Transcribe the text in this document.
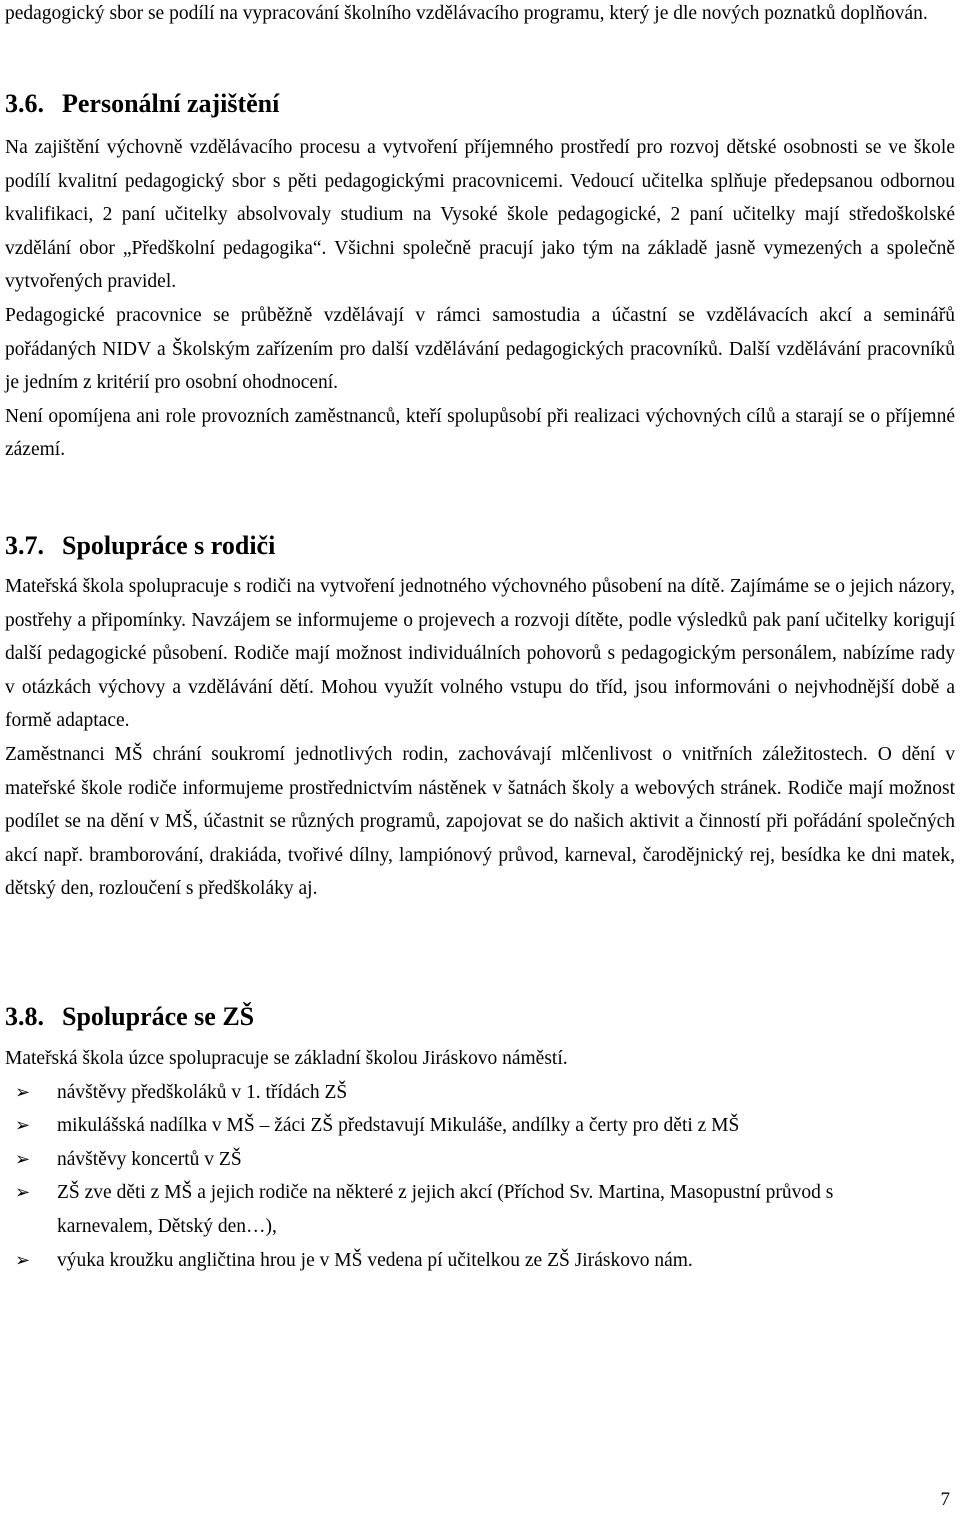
pedagogický sbor se podílí na vypracování školního vzdělávacího programu, který je dle nových poznatků doplňován.

3.6. Personální zajištění

Na zajištění výchovně vzdělávacího procesu a vytvoření příjemného prostředí pro rozvoj dětské osobnosti se ve škole podílí kvalitní pedagogický sbor s pěti pedagogickými pracovnicemi. Vedoucí učitelka splňuje předepsanou odbornou kvalifikaci, 2 paní učitelky absolvovaly studium na Vysoké škole pedagogické, 2 paní učitelky mají středoškolské vzdělání obor „Předškolní pedagogika“. Všichni společně pracují jako tým na základě jasně vymezených a společně vytvořených pravidel.

Pedagogické pracovnice se průběžně vzdělávají v rámci samostudia a účastní se vzdělávacích akcí a seminářů pořádaných NIDV a Školským zařízením pro další vzdělávání pedagogických pracovníků. Další vzdělávání pracovníků je jedním z kritérií pro osobní ohodnocení.

Není opomíjena ani role provozních zaměstnanců, kteří spolupůsobí při realizaci výchovných cílů a starají se o příjemné zázemí.

3.7. Spolupráce s rodiči

Mateřská škola spolupracuje s rodiči na vytvoření jednotného výchovného působení na dítě. Zajímáme se o jejich názory, postřehy a připomínky. Navzájem se informujeme o projevech a rozvoji dítěte, podle výsledků pak paní učitelky korigují další pedagogické působení. Rodiče mají možnost individuálních pohovorů s pedagogickým personálem, nabízíme rady v otázkách výchovy a vzdělávání dětí. Mohou využít volného vstupu do tříd, jsou informováni o nejvhodnější době a formě adaptace.

Zaměstnanci MŠ chrání soukromí jednotlivých rodin, zachovávají mlčenlivost o vnitřních záležitostech. O dění v mateřské škole rodiče informujeme prostřednictvím nástěnek v šatnách školy a webových stránek. Rodiče mají možnost podílet se na dění v MŠ, účastnit se různých programů, zapojovat se do našich aktivit a činností při pořádání společných akcí např. bramborování, drakiáda, tvořivé dílny, lampiónový průvod, karneval, čarodějnický rej, besídka ke dni matek, dětský den, rozloučení s předškoláky aj.

3.8. Spolupráce se ZŠ

Mateřská škola úzce spolupracuje se základní školou Jiráskovo náměstí.

➢ návštěvy předškoláků v 1. třídách ZŠ
➢ mikulášská nadílka v MŠ – žáci ZŠ představují Mikuláše, andílky a čerty pro děti z MŠ
➢ návštěvy koncertů v ZŠ
➢ ZŠ zve děti z MŠ a jejich rodiče na některé z jejich akcí (Příchod Sv. Martina, Masopustní průvod s karnevalem, Dětský den…),
➢ výuka kroužku angličtina hrou je v MŠ vedena pí učitelkou ze ZŠ Jiráskovo nám.
7
